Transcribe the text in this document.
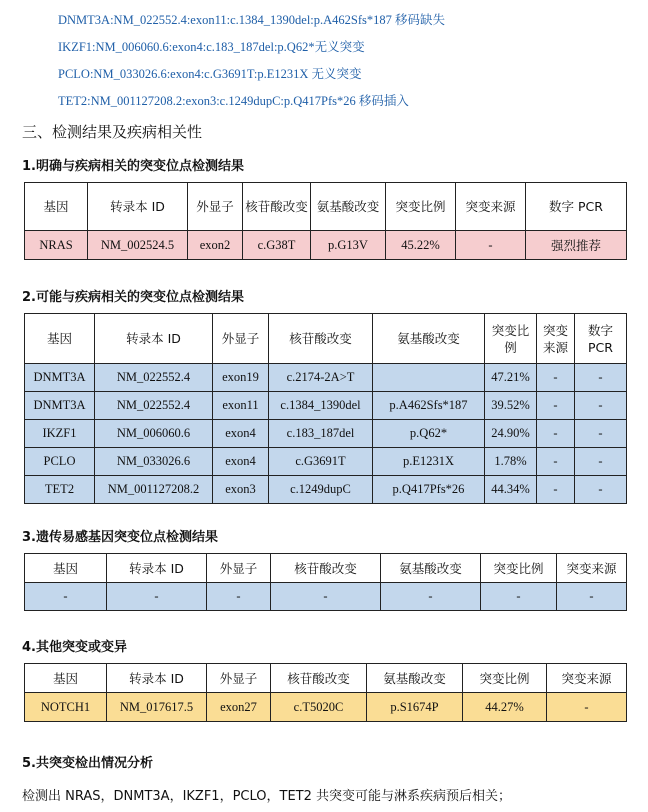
DNMT3A:NM_022552.4:exon11:c.1384_1390del:p.A462Sfs*187 移码缺失
IKZF1:NM_006060.6:exon4:c.183_187del:p.Q62*无义突变
PCLO:NM_033026.6:exon4:c.G3691T:p.E1231X 无义突变
TET2:NM_001127208.2:exon3:c.1249dupC:p.Q417Pfs*26 移码插入
三、检测结果及疾病相关性
1.明确与疾病相关的突变位点检测结果
基因	转录本 ID	外显子	核苷酸改变	氨基酸改变	突变比例	突变来源	数字 PCR
NRAS	NM_002524.5	exon2	c.G38T	p.G13V	45.22%	-	强烈推荐
2.可能与疾病相关的突变位点检测结果
基因	转录本 ID	外显子	核苷酸改变	氨基酸改变	突变比例	突变来源	数字 PCR
DNMT3A	NM_022552.4	exon19	c.2174-2A>T		47.21%	-	-
DNMT3A	NM_022552.4	exon11	c.1384_1390del	p.A462Sfs*187	39.52%	-	-
IKZF1	NM_006060.6	exon4	c.183_187del	p.Q62*	24.90%	-	-
PCLO	NM_033026.6	exon4	c.G3691T	p.E1231X	1.78%	-	-
TET2	NM_001127208.2	exon3	c.1249dupC	p.Q417Pfs*26	44.34%	-	-
3.遗传易感基因突变位点检测结果
基因	转录本 ID	外显子	核苷酸改变	氨基酸改变	突变比例	突变来源
-	-	-	-	-	-	-
4.其他突变或变异
基因	转录本 ID	外显子	核苷酸改变	氨基酸改变	突变比例	突变来源
NOTCH1	NM_017617.5	exon27	c.T5020C	p.S1674P	44.27%	-
5.共突变检出情况分析
检测出 NRAS，DNMT3A，IKZF1，PCLO，TET2 共突变可能与淋系疾病预后相关；
